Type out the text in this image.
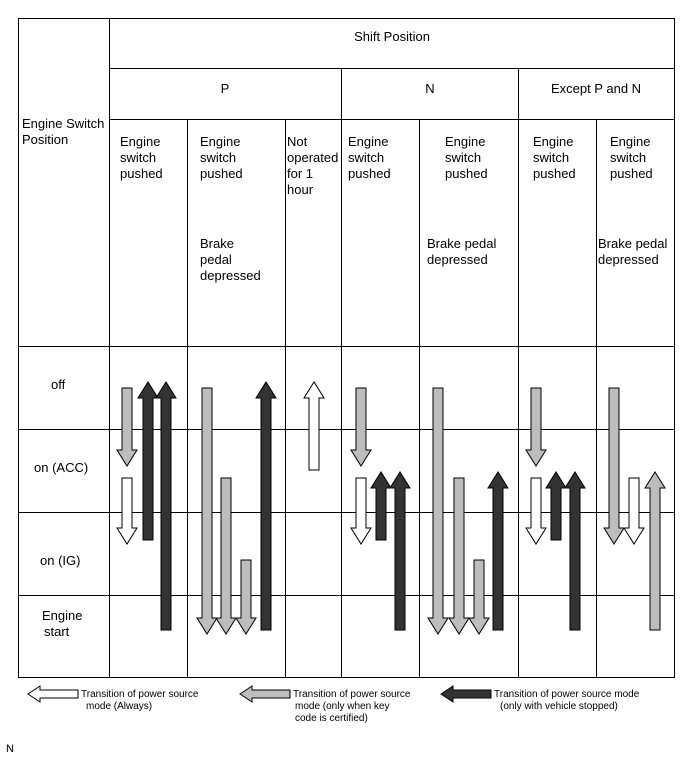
Engine Switch Position
Shift Position
P	N	Except P and N
Engine switch pushed
Engine switch pushed
Brake pedal depressed
Not operated for 1 hour
Engine switch pushed
Engine switch pushed
Brake pedal depressed
Engine switch pushed
Engine switch pushed
Brake pedal depressed
off
on (ACC)
on (IG)
Engine start
Transition of power source mode (Always)
Transition of power source mode (only when key code is certified)
Transition of power source mode (only with vehicle stopped)
N
